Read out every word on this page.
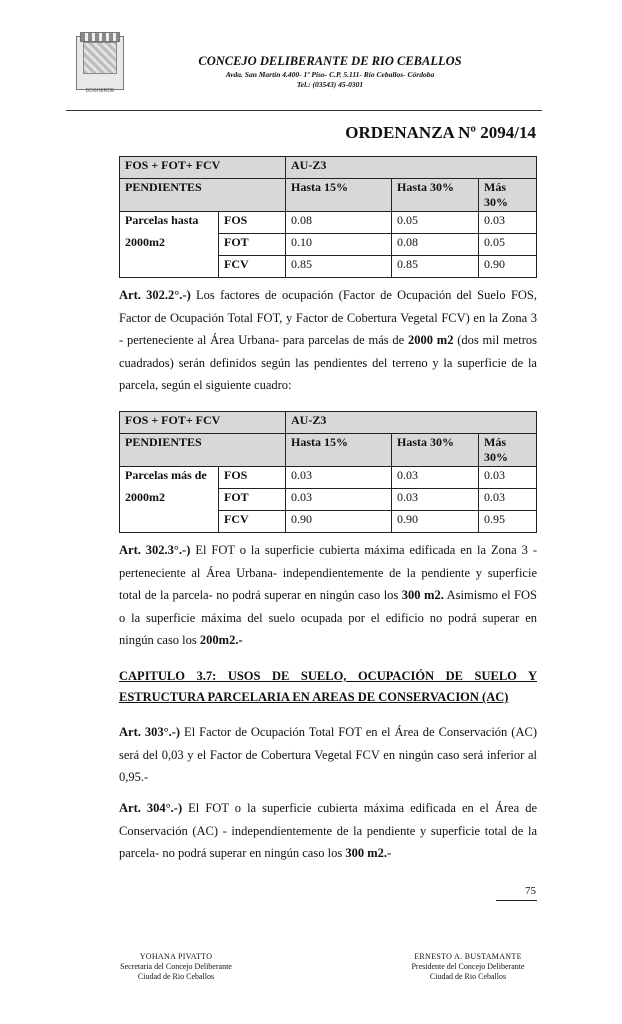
BOGHERDE
CONCEJO DELIBERANTE DE RIO CEBALLOS
Avda. San Martín 4.400- 1º Piso- C.P. 5.111- Río Ceballos- Córdoba
Tel.: (03543) 45-0301
ORDENANZA Nº 2094/14
FOS + FOT+ FCV		AU-Z3		
PENDIENTES		Hasta 15%	Hasta 30%	Más 30%
Parcelas hasta	FOS	0.08	0.05	0.03
2000m2	FOT	0.10	0.08	0.05
	FCV	0.85	0.85	0.90
Art. 302.2°.-) Los factores de ocupación (Factor de Ocupación del Suelo FOS, Factor de Ocupación Total FOT, y Factor de Cobertura Vegetal FCV) en la Zona 3 - perteneciente al Área Urbana- para parcelas de más de 2000 m2 (dos mil metros cuadrados) serán definidos según las pendientes del terreno y la superficie de la parcela, según el siguiente cuadro:
FOS + FOT+ FCV		AU-Z3		
PENDIENTES		Hasta 15%	Hasta 30%	Más 30%
Parcelas más de	FOS	0.03	0.03	0.03
2000m2	FOT	0.03	0.03	0.03
	FCV	0.90	0.90	0.95
Art. 302.3°.-) El FOT o la superficie cubierta máxima edificada en la Zona 3 - perteneciente al Área Urbana- independientemente de la pendiente y superficie total de la parcela- no podrá superar en ningún caso los 300 m2. Asimismo el FOS o la superficie máxima del suelo ocupada por el edificio no podrá superar en ningún caso los 200m2.-
CAPITULO 3.7: USOS DE SUELO, OCUPACIÓN DE SUELO Y ESTRUCTURA PARCELARIA EN AREAS DE CONSERVACION (AC)
Art. 303°.-) El Factor de Ocupación Total FOT en el Área de Conservación (AC) será del 0,03 y el Factor de Cobertura Vegetal FCV en ningún caso será inferior al 0,95.-
Art. 304°.-) El FOT o la superficie cubierta máxima edificada en el Área de Conservación (AC) - independientemente de la pendiente y superficie total de la parcela- no podrá superar en ningún caso los 300 m2.-
75
YOHANA PIVATTO
Secretaria del Concejo Deliberante
Ciudad de Rio Ceballos
ERNESTO A. BUSTAMANTE
Presidente del Concejo Deliberante
Ciudad de Rio Ceballos
